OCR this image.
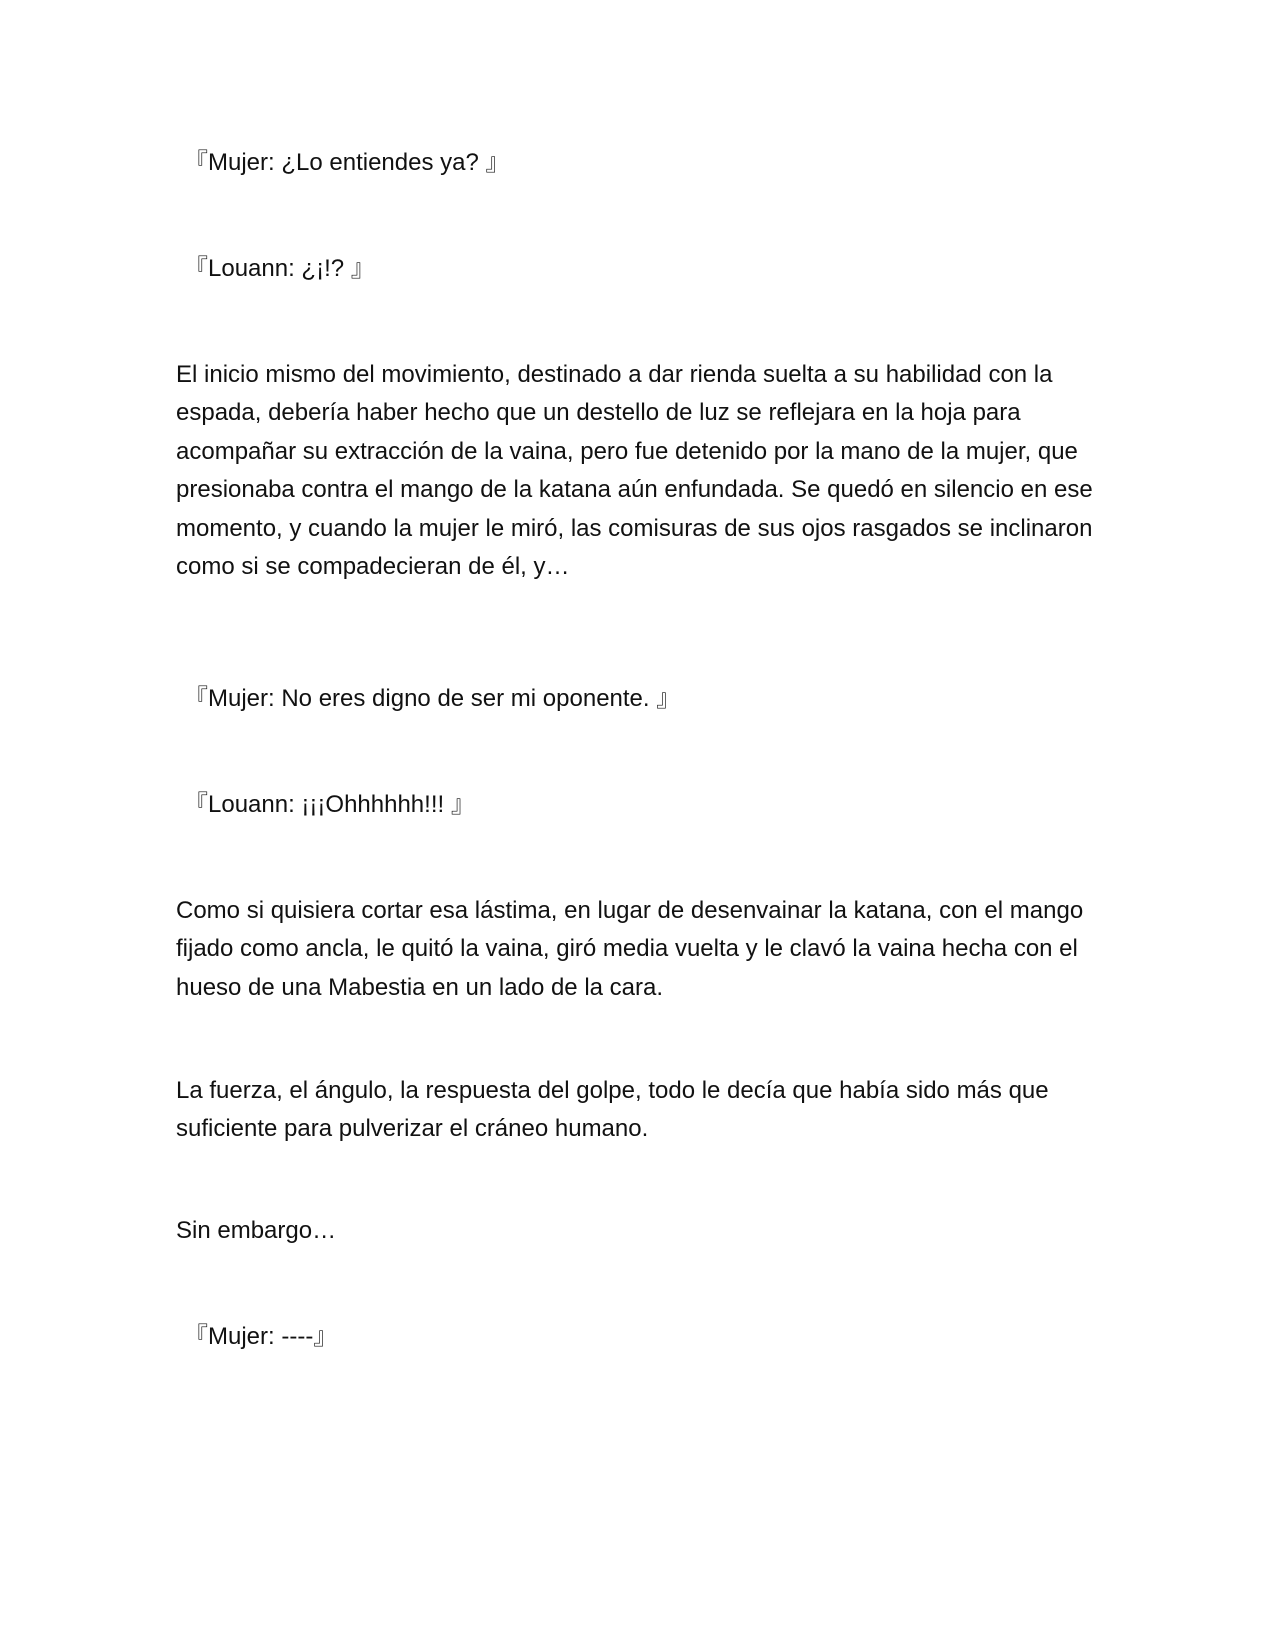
『Mujer: ¿Lo entiendes ya? 』

『Louann: ¿¡!? 』

El inicio mismo del movimiento, destinado a dar rienda suelta a su habilidad con la espada, debería haber hecho que un destello de luz se reflejara en la hoja para acompañar su extracción de la vaina, pero fue detenido por la mano de la mujer, que presionaba contra el mango de la katana aún enfundada. Se quedó en silencio en ese momento, y cuando la mujer le miró, las comisuras de sus ojos rasgados se inclinaron como si se compadecieran de él, y…

『Mujer: No eres digno de ser mi oponente. 』

『Louann: ¡¡¡Ohhhhhh!!! 』

Como si quisiera cortar esa lástima, en lugar de desenvainar la katana, con el mango fijado como ancla, le quitó la vaina, giró media vuelta y le clavó la vaina hecha con el hueso de una Mabestia en un lado de la cara.

La fuerza, el ángulo, la respuesta del golpe, todo le decía que había sido más que suficiente para pulverizar el cráneo humano.

Sin embargo…

『Mujer: ----』
